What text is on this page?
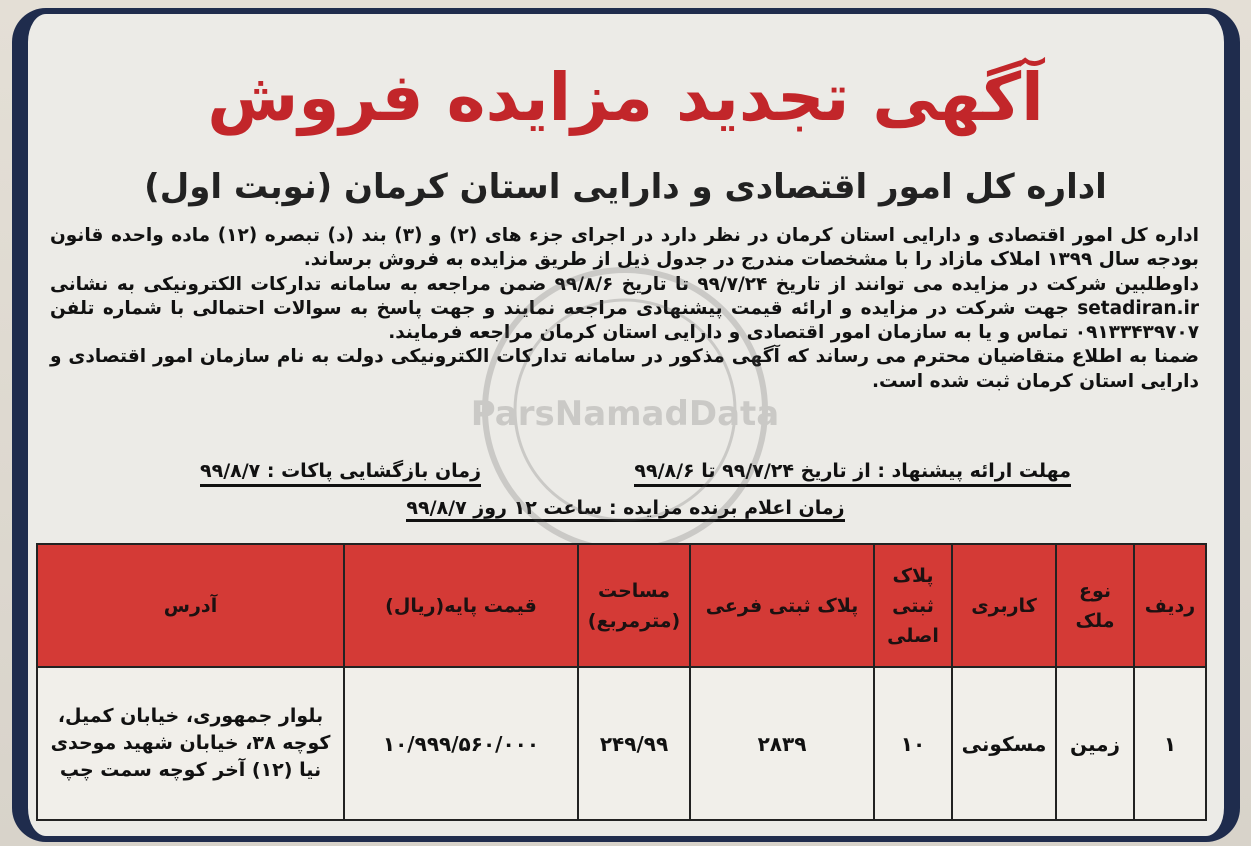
آگهی تجدید مزایده فروش
اداره کل امور اقتصادی و دارایی استان کرمان (نوبت اول)

اداره کل امور اقتصادی و دارایی استان کرمان در نظر دارد در اجرای جزء های (۲) و (۳) بند (د) تبصره (۱۲) ماده واحده قانون بودجه سال ۱۳۹۹ املاک مازاد را با مشخصات مندرج در جدول ذیل از طریق مزایده به فروش برساند.

داوطلبین شرکت در مزایده می توانند از تاریخ ۹۹/۷/۲۴ تا تاریخ ۹۹/۸/۶ ضمن مراجعه به سامانه تدارکات الکترونیکی به نشانی setadiran.ir جهت شرکت در مزایده و ارائه قیمت پیشنهادی مراجعه نمایند و جهت پاسخ به سوالات احتمالی با شماره تلفن ۰۹۱۳۳۴۳۹۷۰۷ تماس و یا به سازمان امور اقتصادی و دارایی استان کرمان مراجعه فرمایند.

ضمنا به اطلاع متقاضیان محترم می رساند که آگهی مذکور در سامانه تدارکات الکترونیکی دولت به نام سازمان امور اقتصادی و دارایی استان کرمان ثبت شده است.

مهلت ارائه پیشنهاد : از تاریخ ۹۹/۷/۲۴ تا ۹۹/۸/۶
زمان بازگشایی پاکات : ۹۹/۸/۷
زمان اعلام برنده مزایده : ساعت ۱۲ روز ۹۹/۸/۷
ParsNamadData
ردیف	نوع ملک	کاربری	پلاک ثبتی اصلی	پلاک ثبتی فرعی	مساحت (مترمربع)	قیمت پایه(ریال)	آدرس
۱	زمین	مسکونی	۱۰	۲۸۳۹	۲۴۹/۹۹	۱۰/۹۹۹/۵۶۰/۰۰۰	بلوار جمهوری، خیابان کمیل، کوچه ۳۸، خیابان شهید موحدی نیا (۱۲) آخر کوچه سمت چپ
